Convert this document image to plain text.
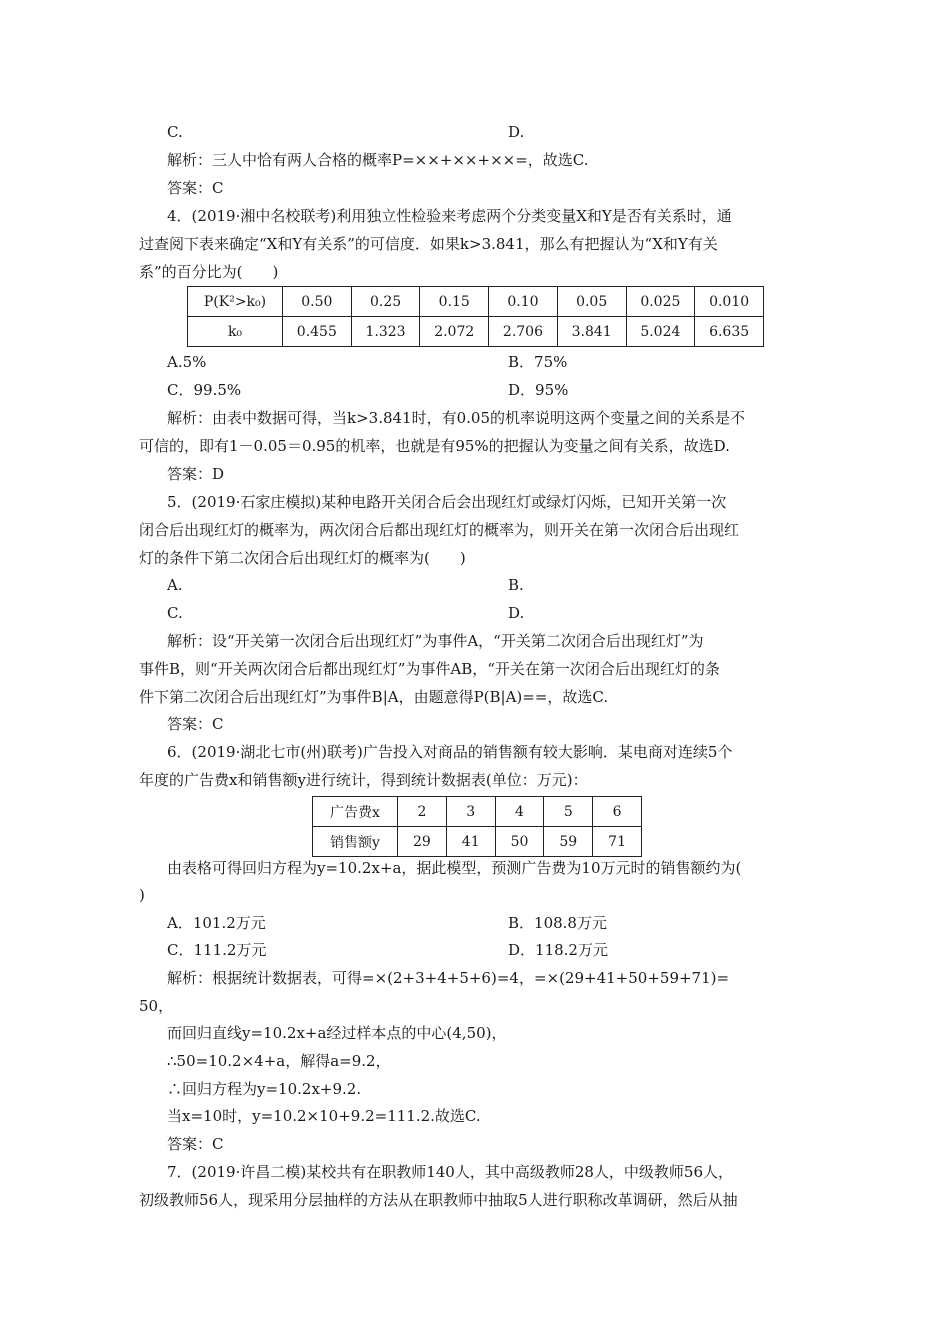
C.	D.
解析：三人中恰有两人合格的概率P=××+××+××=，故选C.
答案：C
4．(2019·湘中名校联考)利用独立性检验来考虑两个分类变量X和Y是否有关系时，通
过查阅下表来确定“X和Y有关系”的可信度．如果k>3.841，那么有把握认为“X和Y有关
系”的百分比为(　　)
P(K²>k₀)	0.50	0.25	0.15	0.10	0.05	0.025	0.010
k₀	0.455	1.323	2.072	2.706	3.841	5.024	6.635
A.5%	B．75%
C．99.5%	D．95%
解析：由表中数据可得，当k>3.841时，有0.05的机率说明这两个变量之间的关系是不
可信的，即有1－0.05＝0.95的机率，也就是有95%的把握认为变量之间有关系，故选D.
答案：D
5．(2019·石家庄模拟)某种电路开关闭合后会出现红灯或绿灯闪烁，已知开关第一次
闭合后出现红灯的概率为，两次闭合后都出现红灯的概率为，则开关在第一次闭合后出现红
灯的条件下第二次闭合后出现红灯的概率为(　　)
A.	B.
C.	D.
解析：设“开关第一次闭合后出现红灯”为事件A，“开关第二次闭合后出现红灯”为
事件B，则“开关两次闭合后都出现红灯”为事件AB，“开关在第一次闭合后出现红灯的条
件下第二次闭合后出现红灯”为事件B|A，由题意得P(B|A)==，故选C.
答案：C
6．(2019·湖北七市(州)联考)广告投入对商品的销售额有较大影响．某电商对连续5个
年度的广告费x和销售额y进行统计，得到统计数据表(单位：万元)：
广告费x	2	3	4	5	6
销售额y	29	41	50	59	71
由表格可得回归方程为y=10.2x+a，据此模型，预测广告费为10万元时的销售额约为(
)
A．101.2万元	B．108.8万元
C．111.2万元	D．118.2万元
解析：根据统计数据表，可得=×(2+3+4+5+6)=4，=×(29+41+50+59+71)=
50，
而回归直线y=10.2x+a经过样本点的中心(4,50)，
∴50=10.2×4+a，解得a=9.2，
∴回归方程为y=10.2x+9.2.
当x=10时，y=10.2×10+9.2=111.2.故选C.
答案：C
7．(2019·许昌二模)某校共有在职教师140人，其中高级教师28人，中级教师56人，
初级教师56人，现采用分层抽样的方法从在职教师中抽取5人进行职称改革调研，然后从抽
